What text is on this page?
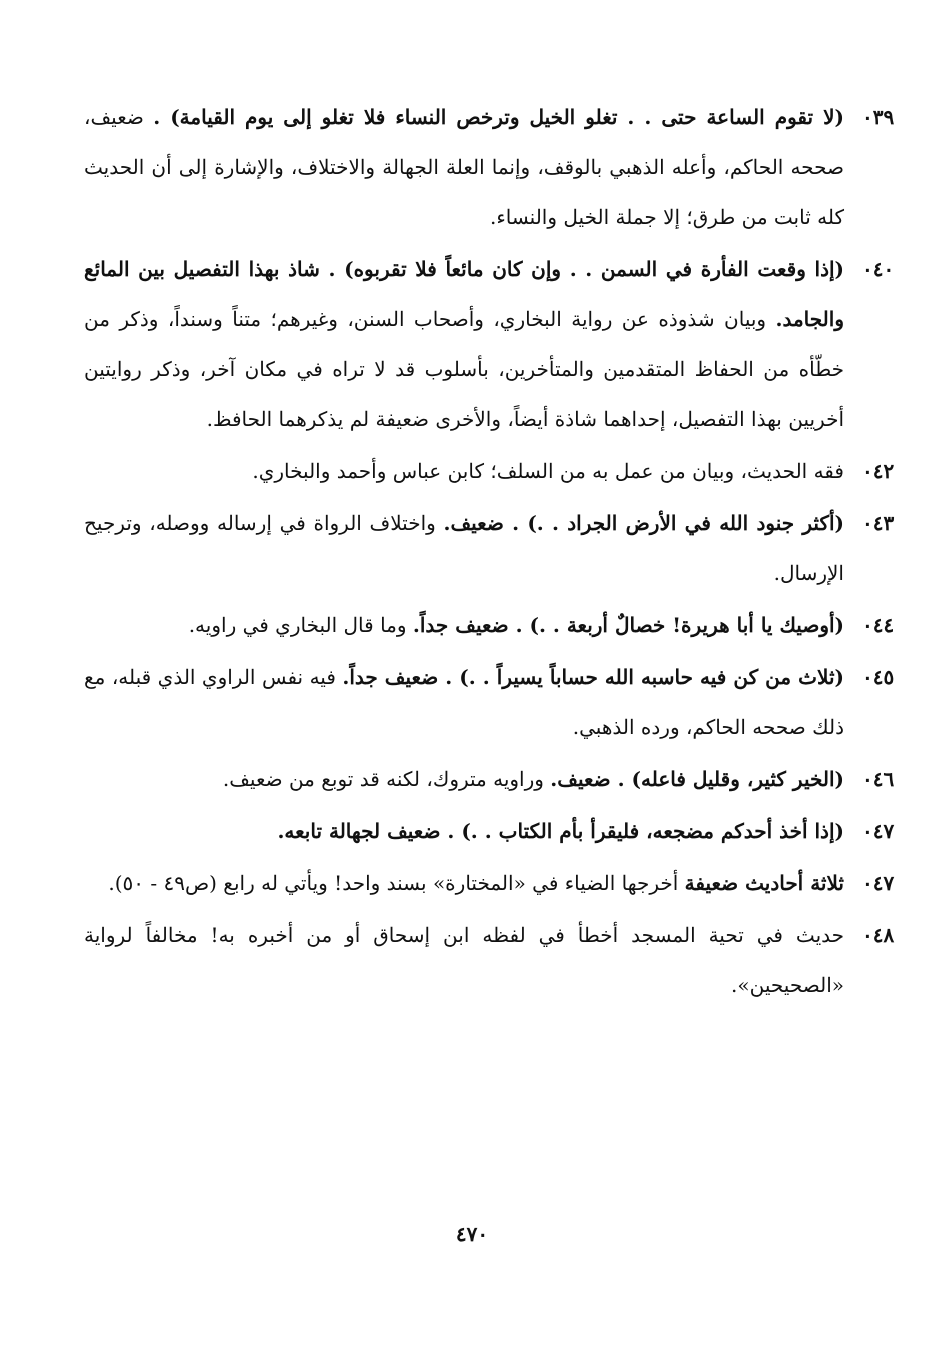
٠٣٩
(لا تقوم الساعة حتى . . تغلو الخيل وترخص النساء فلا تغلو إلى يوم القيامة) . ضعيف، صححه الحاكم، وأعله الذهبي بالوقف، وإنما العلة الجهالة والاختلاف، والإشارة إلى أن الحديث كله ثابت من طرق؛ إلا جملة الخيل والنساء.
٠٤٠
(إذا وقعت الفأرة في السمن . . وإن كان مائعاً فلا تقربوه) . شاذ بهذا التفصيل بين المائع والجامد. وبيان شذوذه عن رواية البخاري، وأصحاب السنن، وغيرهم؛ متناً وسنداً، وذكر من خطّأه من الحفاظ المتقدمين والمتأخرين، بأسلوب قد لا تراه في مكان آخر، وذكر روايتين أخريين بهذا التفصيل، إحداهما شاذة أيضاً، والأخرى ضعيفة لم يذكرهما الحافظ.
٠٤٢
فقه الحديث، وبيان من عمل به من السلف؛ كابن عباس وأحمد والبخاري.
٠٤٣
(أكثر جنود الله في الأرض الجراد . .) . ضعيف. واختلاف الرواة في إرساله ووصله، وترجيح الإرسال.
٠٤٤
(أوصيك يا أبا هريرة! خصالٌ أربعة . .) . ضعيف جداً. وما قال البخاري في راويه.
٠٤٥
(ثلاث من كن فيه حاسبه الله حساباً يسيراً . .) . ضعيف جداً. فيه نفس الراوي الذي قبله، مع ذلك صححه الحاكم، ورده الذهبي.
٠٤٦
(الخير كثير، وقليل فاعله) . ضعيف. وراويه متروك، لكنه قد توبع من ضعيف.
٠٤٧
(إذا أخذ أحدكم مضجعه، فليقرأ بأم الكتاب . .) . ضعيف لجهالة تابعه.
٠٤٧
ثلاثة أحاديث ضعيفة أخرجها الضياء في «المختارة» بسند واحد! ويأتي له رابع (ص٤٩ - ٥٠).
٠٤٨
حديث في تحية المسجد أخطأ في لفظه ابن إسحاق أو من أخبره به! مخالفاً لرواية «الصحيحين».
٤٧٠
